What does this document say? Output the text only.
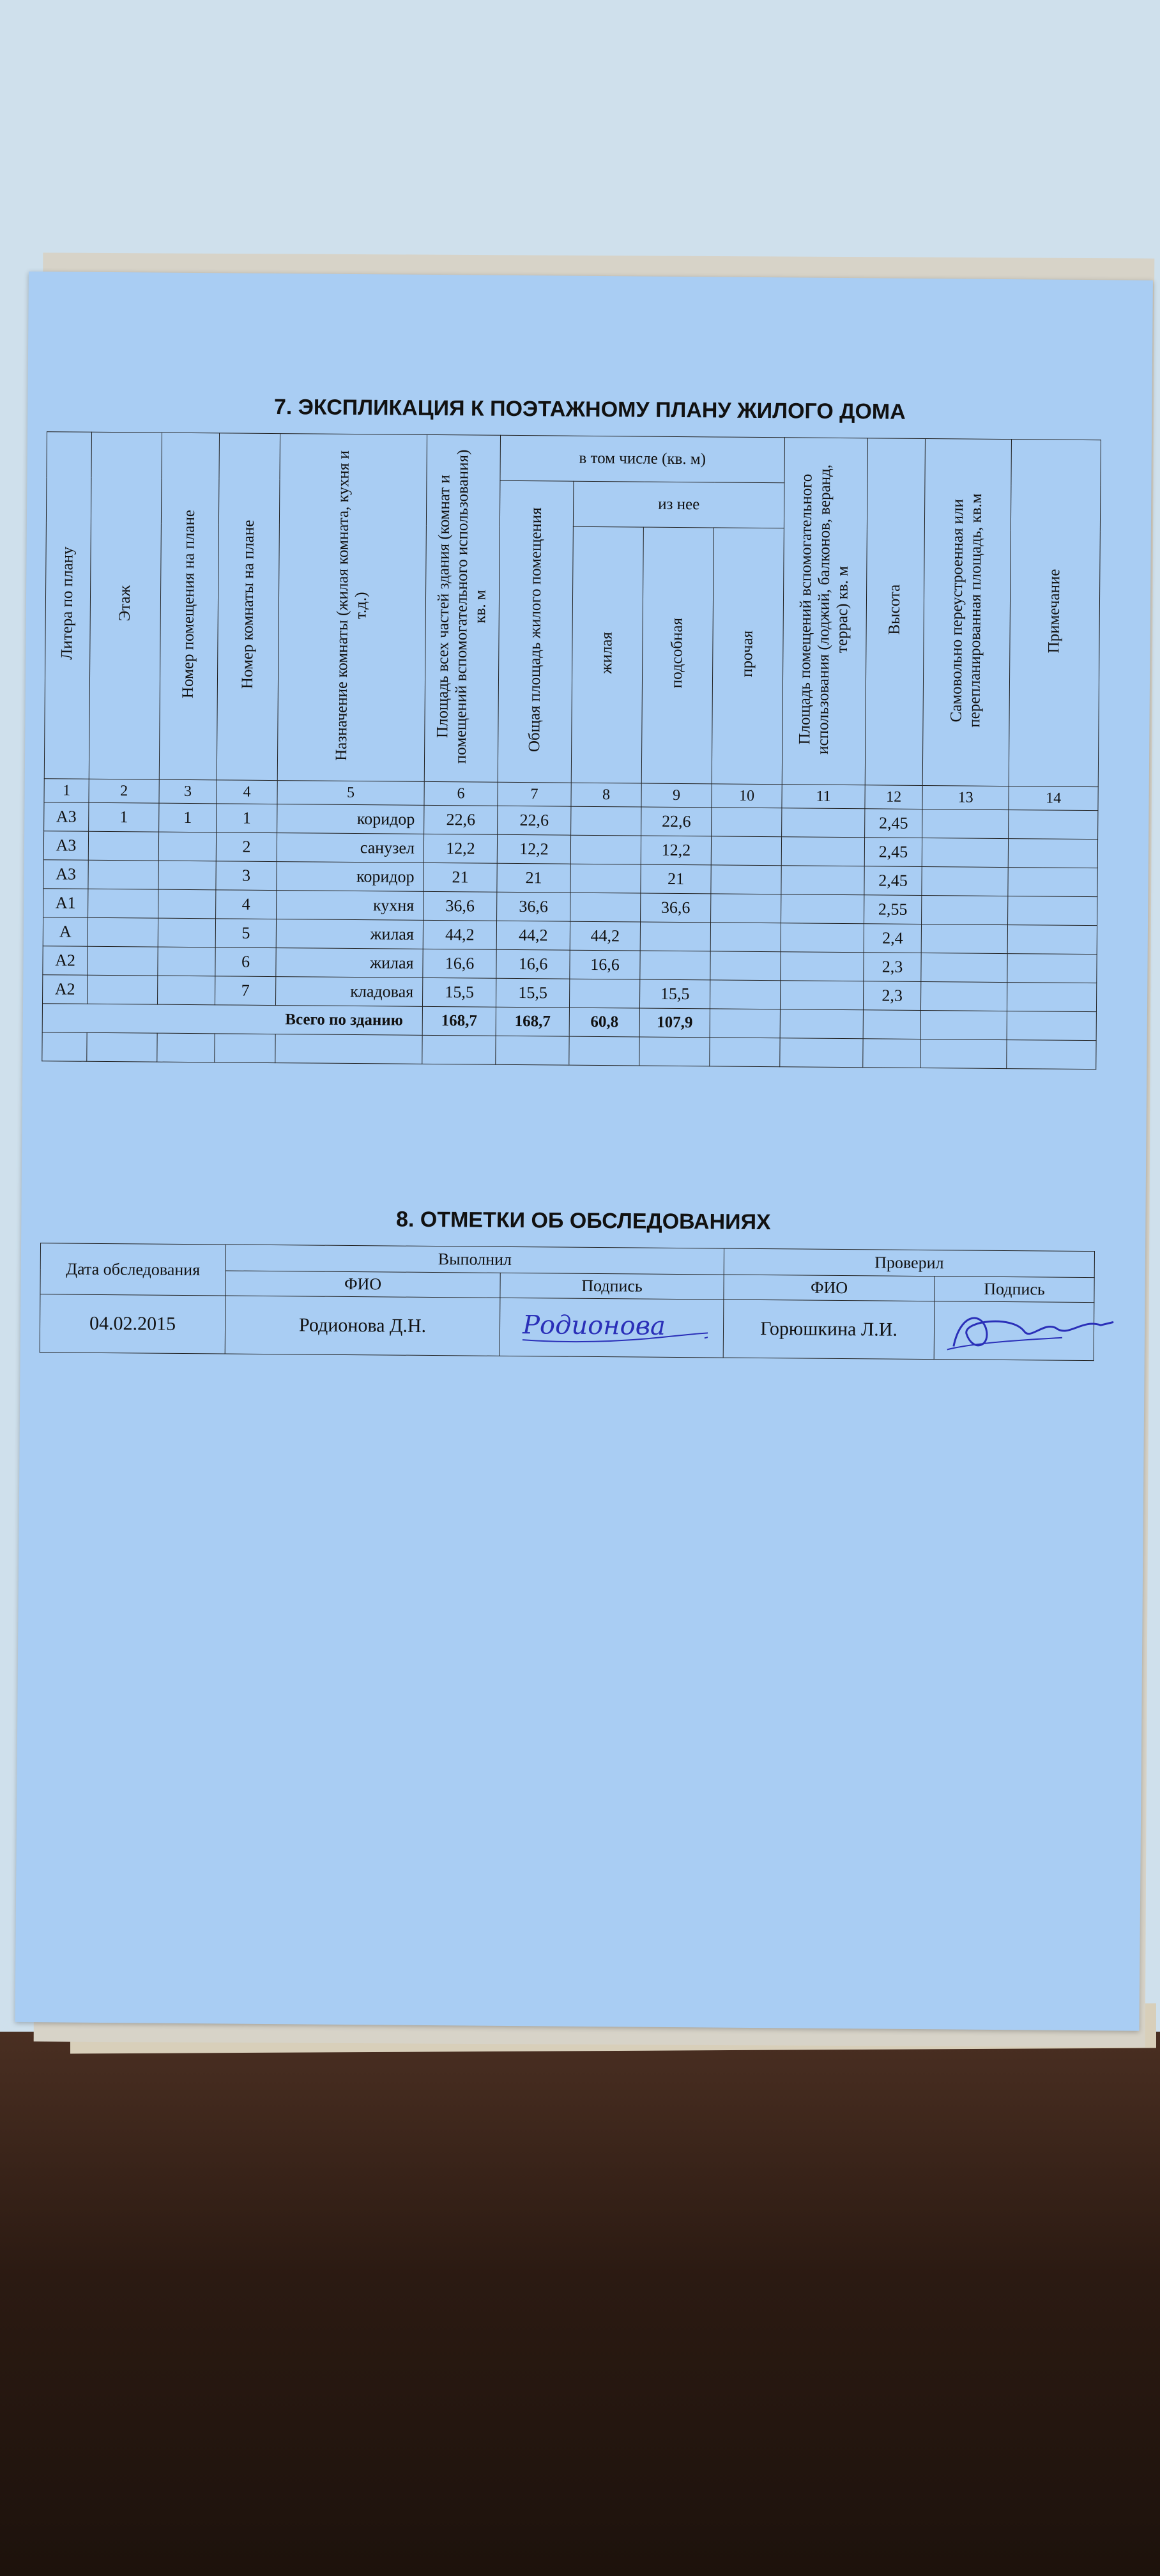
7. ЭКСПЛИКАЦИЯ К ПОЭТАЖНОМУ ПЛАНУ ЖИЛОГО ДОМА
Литера по плану	Этаж	Номер помещения на плане	Номер комнаты на плане	Назначение комнаты (жилая комната, кухня и т.д.)	Площадь всех частей здания (комнат и помещений вспомогательного использования) кв. м	в том числе (кв. м)				Площадь помещений вспомогательного использования (лоджий, балконов, веранд, террас) кв. м	Высота	Самовольно переустроенная или перепланированная площадь, кв.м	Примечание
						Общая площадь жилого помещения	из нее						
							жилая	подсобная	прочая				
1	2	3	4	5	6	7	8	9	10	11	12	13	14
А3	1	1	1	коридор	22,6	22,6		22,6			2,45		
А3			2	санузел	12,2	12,2		12,2			2,45		
А3			3	коридор	21	21		21			2,45		
А1			4	кухня	36,6	36,6		36,6			2,55		
А			5	жилая	44,2	44,2	44,2				2,4		
А2			6	жилая	16,6	16,6	16,6				2,3		
А2			7	кладовая	15,5	15,5		15,5			2,3		
Всего по зданию					168,7	168,7	60,8	107,9					

8. ОТМЕТКИ ОБ ОБСЛЕДОВАНИЯХ
Дата обследования	Выполнил		Проверил	
	ФИО	Подпись	ФИО	Подпись
04.02.2015	Родионова Д.Н.	Родионова	Горюшкина Л.И.	
